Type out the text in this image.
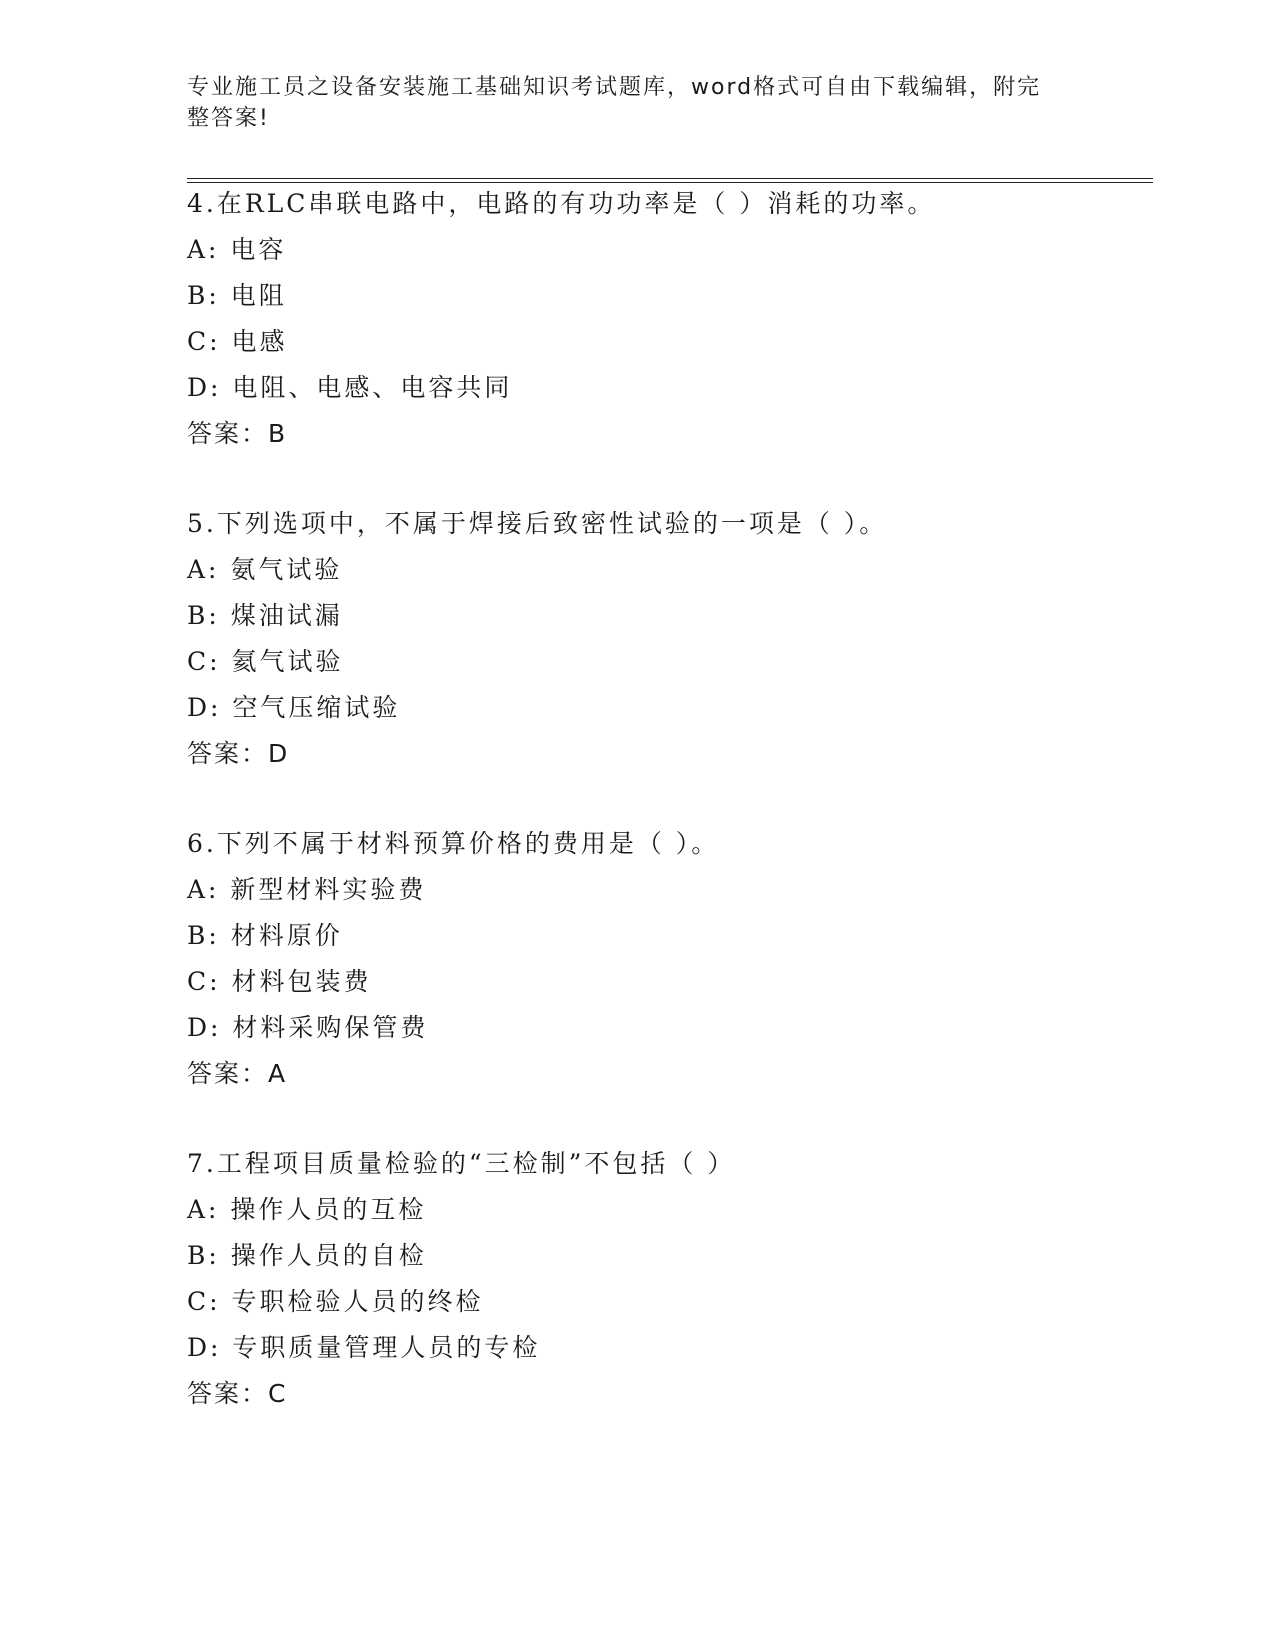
专业施工员之设备安装施工基础知识考试题库，word格式可自由下载编辑，附完
整答案!
4.在RLC串联电路中，电路的有功功率是（ ）消耗的功率。
A: 电容
B: 电阻
C: 电感
D: 电阻、电感、电容共同
答案：B
5.下列选项中，不属于焊接后致密性试验的一项是（ ）。
A: 氨气试验
B: 煤油试漏
C: 氦气试验
D: 空气压缩试验
答案：D
6.下列不属于材料预算价格的费用是（ ）。
A: 新型材料实验费
B: 材料原价
C: 材料包装费
D: 材料采购保管费
答案：A
7.工程项目质量检验的“三检制”不包括（ ）
A: 操作人员的互检
B: 操作人员的自检
C: 专职检验人员的终检
D: 专职质量管理人员的专检
答案：C
